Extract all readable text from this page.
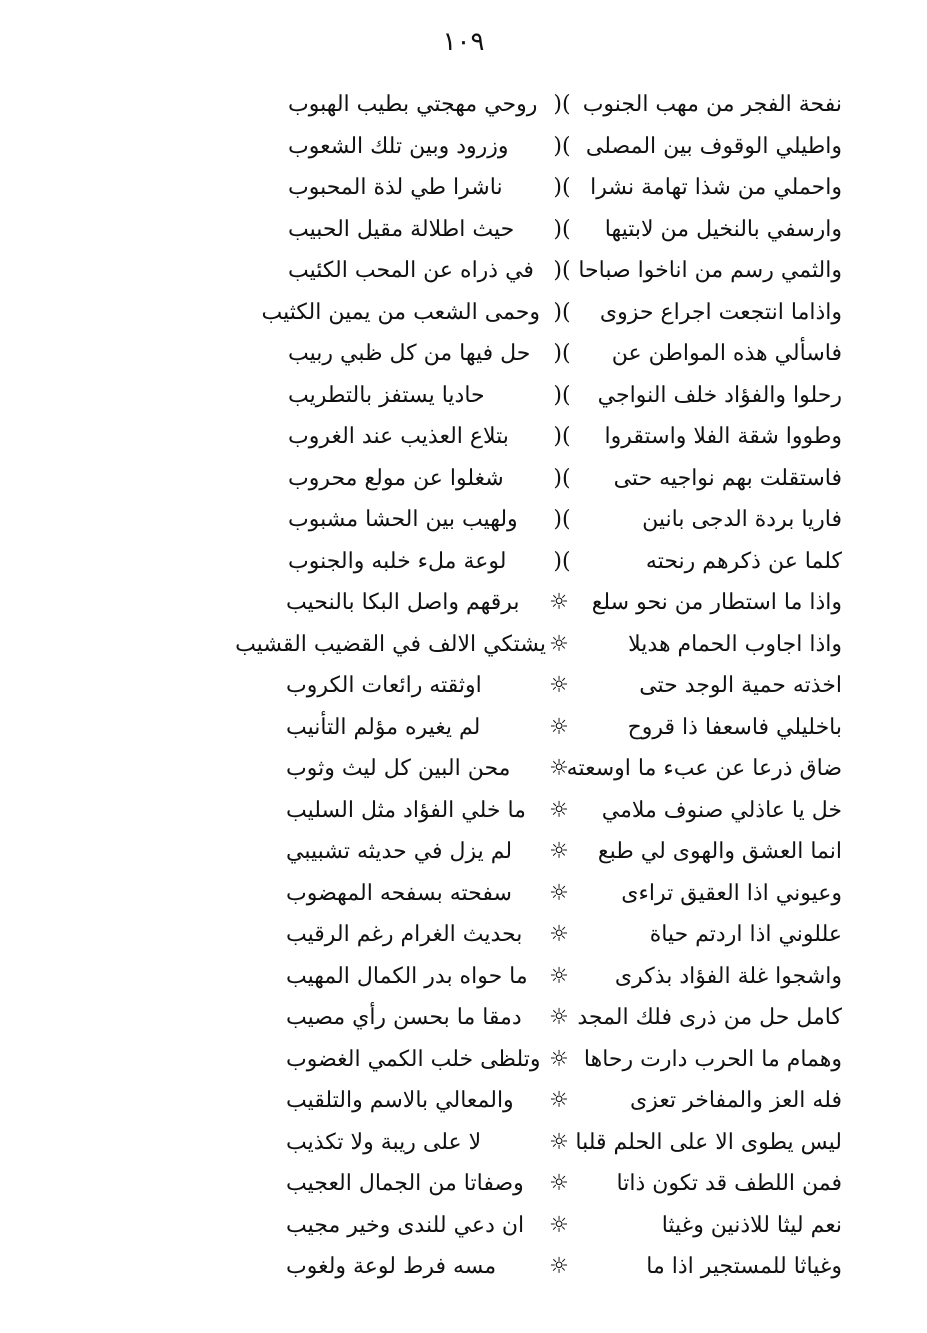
١٠٩
نفحة الفجر من مهب الجنوب
)(
روحي مهجتي بطيب الهبوب
واطيلي الوقوف بين المصلى
)(
وزرود وبين تلك الشعوب
واحملي من شذا تهامة نشرا
)(
ناشرا طي لذة المحبوب
وارسفي بالنخيل من لابتيها
)(
حيث اطلالة مقيل الحبيب
والثمي رسم من اناخوا صباحا
)(
في ذراه عن المحب الكئيب
واذاما انتجعت اجراع حزوى
)(
وحمى الشعب من يمين الكثيب
فاسألي هذه المواطن عن
)(
حل فيها من كل ظبي ربيب
رحلوا والفؤاد خلف النواجي
)(
حاديا يستفز بالتطريب
وطووا شقة الفلا واستقروا
)(
بتلاع العذيب عند الغروب
فاستقلت بهم نواجيه حتى
)(
شغلوا عن مولع محروب
فاريا بردة الدجى بانين
)(
ولهيب بين الحشا مشبوب
كلما عن ذكرهم رنحته
)(
لوعة ملء خلبه والجنوب
واذا ما استطار من نحو سلع
☼
برقهم واصل البكا بالنحيب
واذا اجاوب الحمام هديلا
☼
يشتكي الالف في القضيب القشيب
اخذته حمية الوجد حتى
☼
اوثقته رائعات الكروب
باخليلي فاسعفا ذا قروح
☼
لم يغيره مؤلم التأنيب
ضاق ذرعا عن عبء ما اوسعته
☼
محن البين كل ليث وثوب
خل يا عاذلي صنوف ملامي
☼
ما خلي الفؤاد مثل السليب
انما العشق والهوى لي طبع
☼
لم يزل في حديثه تشبيبي
وعيوني اذا العقيق تراءى
☼
سفحته بسفحه المهضوب
عللوني اذا اردتم حياة
☼
بحديث الغرام رغم الرقيب
واشجوا غلة الفؤاد بذكرى
☼
ما حواه بدر الكمال المهيب
كامل حل من ذرى فلك المجد
☼
دمقا ما بحسن رأي مصيب
وهمام ما الحرب دارت رحاها
☼
وتلظى خلب الكمي الغضوب
فله العز والمفاخر تعزى
☼
والمعالي بالاسم والتلقيب
ليس يطوى الا على الحلم قلبا
☼
لا على ريبة ولا تكذيب
فمن اللطف قد تكون ذاتا
☼
وصفاتا من الجمال العجيب
نعم ليثا للاذنين وغيثا
☼
ان دعي للندى وخير مجيب
وغياثا للمستجير اذا ما
☼
مسه فرط لوعة ولغوب
